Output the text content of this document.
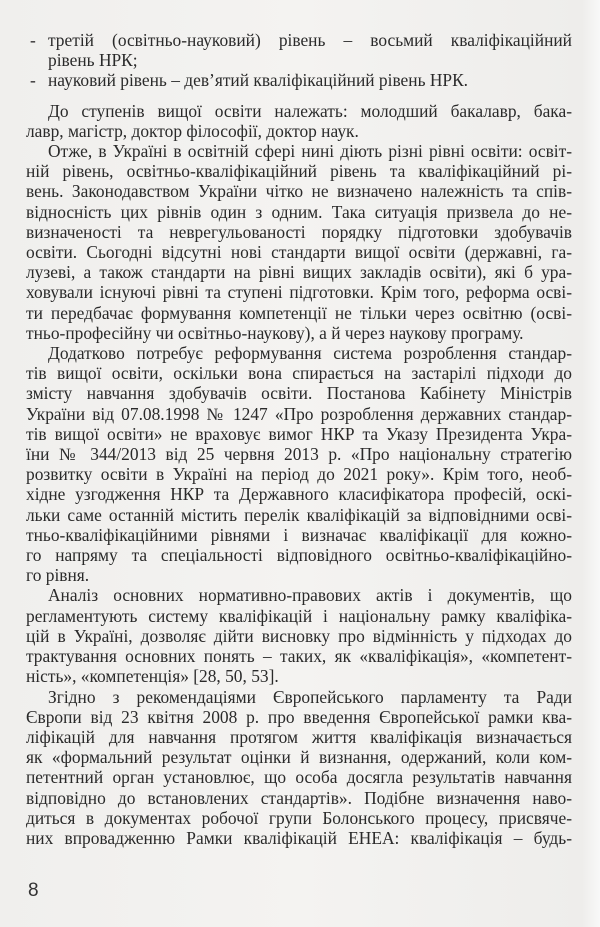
- третій (освітньо-науковий) рівень – восьмий кваліфікаційний
рівень НРК;
- науковий рівень – дев’ятий кваліфікаційний рівень НРК.

До ступенів вищої освіти належать: молодший бакалавр, бака-
лавр, магістр, доктор філософії, доктор наук.

Отже, в Україні в освітній сфері нині діють різні рівні освіти: освіт-
ній рівень, освітньо-кваліфікаційний рівень та кваліфікаційний рі-
вень. Законодавством України чітко не визначено належність та спів-
відносність цих рівнів один з одним. Така ситуація призвела до не-
визначеності та неврегульованості порядку підготовки здобувачів
освіти. Сьогодні відсутні нові стандарти вищої освіти (державні, га-
лузеві, а також стандарти на рівні вищих закладів освіти), які б ура-
ховували існуючі рівні та ступені підготовки. Крім того, реформа осві-
ти передбачає формування компетенції не тільки через освітню (осві-
тньо-професійну чи освітньо-наукову), а й через наукову програму.

Додатково потребує реформування система розроблення стандар-
тів вищої освіти, оскільки вона спирається на застарілі підходи до
змісту навчання здобувачів освіти. Постанова Кабінету Міністрів
України від 07.08.1998 № 1247 «Про розроблення державних стандар-
тів вищої освіти» не враховує вимог НКР та Указу Президента Укра-
їни № 344/2013 від 25 червня 2013 р. «Про національну стратегію
розвитку освіти в Україні на період до 2021 року». Крім того, необ-
хідне узгодження НКР та Державного класифікатора професій, оскі-
льки саме останній містить перелік кваліфікацій за відповідними осві-
тньо-кваліфікаційними рівнями і визначає кваліфікації для кожно-
го напряму та спеціальності відповідного освітньо-кваліфікаційно-
го рівня.

Аналіз основних нормативно-правових актів і документів, що
регламентують систему кваліфікацій і національну рамку кваліфіка-
цій в Україні, дозволяє дійти висновку про відмінність у підходах до
трактування основних понять – таких, як «кваліфікація», «компетент-
ність», «компетенція» [28, 50, 53].

Згідно з рекомендаціями Європейського парламенту та Ради
Європи від 23 квітня 2008 р. про введення Європейської рамки ква-
ліфікацій для навчання протягом життя кваліфікація визначається
як «формальний результат оцінки й визнання, одержаний, коли ком-
петентний орган установлює, що особа досягла результатів навчання
відповідно до встановлених стандартів». Подібне визначення наво-
диться в документах робочої групи Болонського процесу, присвяче-
них впровадженню Рамки кваліфікацій EHEA: кваліфікація – будь-

8
